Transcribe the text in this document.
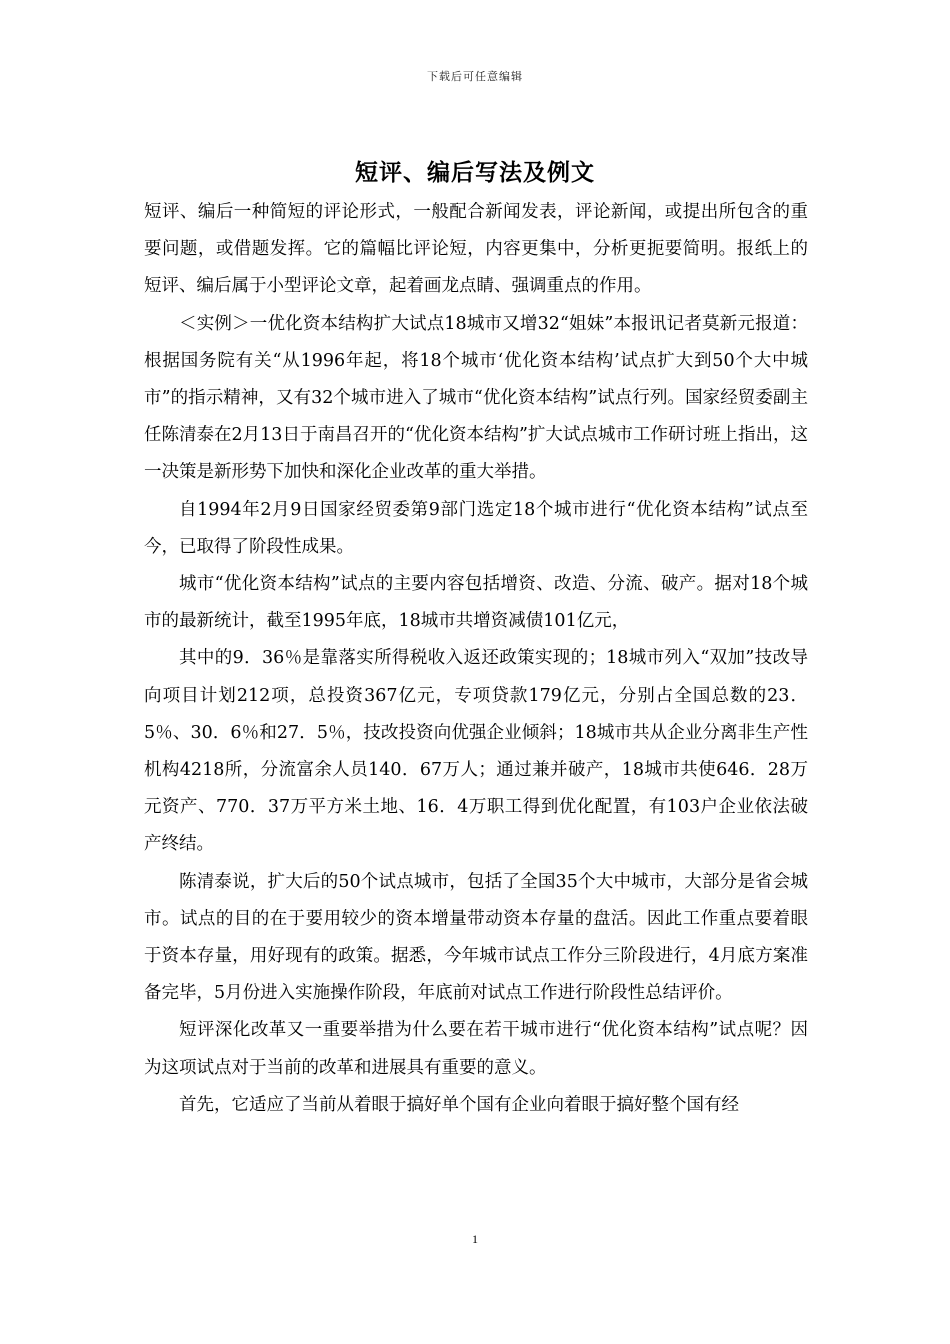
下载后可任意编辑
短评、编后写法及例文

短评、编后一种简短的评论形式，一般配合新闻发表，评论新闻，或提出所包含的重要问题，或借题发挥。它的篇幅比评论短，内容更集中，分析更扼要简明。报纸上的短评、编后属于小型评论文章，起着画龙点睛、强调重点的作用。

＜实例＞一优化资本结构扩大试点18城市又增32“姐妹”本报讯记者莫新元报道：根据国务院有关“从1996年起，将18个城市‘优化资本结构’试点扩大到50个大中城市”的指示精神，又有32个城市进入了城市“优化资本结构”试点行列。国家经贸委副主任陈清泰在2月13日于南昌召开的“优化资本结构”扩大试点城市工作研讨班上指出，这一决策是新形势下加快和深化企业改革的重大举措。

自1994年2月9日国家经贸委第9部门选定18个城市进行“优化资本结构”试点至今，已取得了阶段性成果。

城市“优化资本结构”试点的主要内容包括增资、改造、分流、破产。据对18个城市的最新统计，截至1995年底，18城市共增资减债101亿元，

其中的9．36％是靠落实所得税收入返还政策实现的；18城市列入“双加”技改导向项目计划212项，总投资367亿元，专项贷款179亿元，分别占全国总数的23．5％、30．6％和27．5％，技改投资向优强企业倾斜；18城市共从企业分离非生产性机构4218所，分流富余人员140．67万人；通过兼并破产，18城市共使646．28万元资产、770．37万平方米土地、16．4万职工得到优化配置，有103户企业依法破产终结。

陈清泰说，扩大后的50个试点城市，包括了全国35个大中城市，大部分是省会城市。试点的目的在于要用较少的资本增量带动资本存量的盘活。因此工作重点要着眼于资本存量，用好现有的政策。据悉，今年城市试点工作分三阶段进行，4月底方案准备完毕，5月份进入实施操作阶段，年底前对试点工作进行阶段性总结评价。

短评深化改革又一重要举措为什么要在若干城市进行“优化资本结构”试点呢？因为这项试点对于当前的改革和进展具有重要的意义。

首先，它适应了当前从着眼于搞好单个国有企业向着眼于搞好整个国有经

1
